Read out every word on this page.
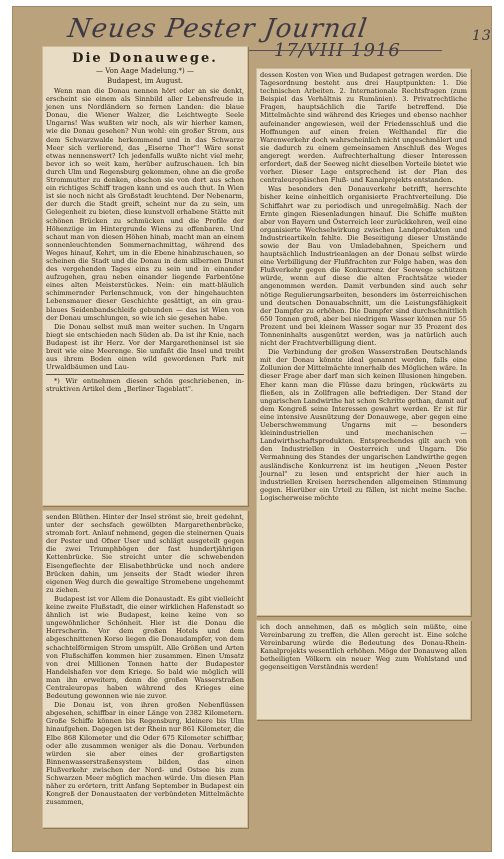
Neues Pester Journal
17/VIII 1916
13
Die Donauwege.
— Von Aage Madelung.*) —
Budapest, im August.

Wenn man die Donau nennen hört oder an sie denkt, erscheint sie einem als Sinnbild aller Lebensfreude in jenen uns Nordländern so fernen Landen: die blaue Donau, die Wiener Walzer, die Leichtwegte Seele Ungarns! Was wußten wir noch, als wir hierher kamen, wie die Donau gesehen? Nun wohl: ein großer Strom, aus dem Schwarzwalde herkommend und in das Schwarze Meer sich verlierend, das „Eiserne Thor"! Wäre sonst etwas nennenswert? Ich jedenfalls wußte nicht viel mehr, bevor ich so weit kam, herüber aufzuschauen. Ich bin durch Ulm und Regensburg gekommen, ohne an die große Strommutter zu denken, obschon sie von dort aus schon ein richtiges Schiff tragen kann und es auch thut. In Wien ist sie noch nicht als Großstadt leuchtend. Der Nebenarm, der durch die Stadt greift, scheint nur da zu sein, um Gelegenheit zu bieten, diese kunstvoll erhabene Stätte mit schönen Brücken zu schmücken und die Profile der Höhenzüge im Hintergrunde Wiens zu offenbaren. Und schaut man von diesen Höhen hinab, macht man an einem sonnenleuchtenden Sommernachmittag, während des Weges hinauf, Kehrt, um in die Ebene hinabzuschauen, so scheinen die Stadt und die Donau in dem silbernen Dunst des vergehenden Tages eins zu sein und in einander aufzugehen, grau neben einander liegende Farbentöne eines alten Meisterstückes. Nein: ein matt-bläulich schimmernder Perlenschmuck, von der hingehauchten Lebensmauer dieser Geschichte gesättigt, an ein grau-blaues Seidenbandschleife gebunden — das ist Wien von der Donau umschlungen, so wie ich sie gesehen habe.

Die Donau selbst muß man weiter suchen. In Ungarn biegt sie entschieden nach Süden ab. Da ist ihr Knie, nach Budapest ist ihr Herz. Vor der Margaretheninsel ist sie breit wie eine Meerenge. Sie umfaßt die Insel und treibt aus ihrem Boden einen wild gewordenen Park mit Urwaldbäumen und Lau-

*) Wir entnehmen diesen schön geschriebenen, instruktiven Artikel dem „Berliner Tageblatt".

senden Blüthen. Hinter der Insel strömt sie, breit gedehnt, unter der sechsfach gewölbten Margarethenbrücke, stromab fort. Anlauf nehmend, gegen die steinernen Quais der Pester und Ofner User und schlägt ausgeteilt gegen die zwei Triumphbögen der fast hundertjährigen Kettenbrücke. Sie streicht unter die schwebenden Eisengeflechte der Elisabethbrücke und noch andere Brücken dahin, um jenseits der Stadt wieder ihren eigenen Weg durch die gewaltige Stromebene ungehemmt zu ziehen.

Budapest ist vor Allem die Donaustadt. Es gibt vielleicht keine zweite Flußstadt, die einer wirklichen Hafenstadt so ähnlich ist wie Budapest, keine keine von so ungewöhnlicher Schönheit. Hier ist die Donau die Herrscherin. Vor dem großen Hotels und dem abgeschnittenen Korso liegen die Donaudampfer, von dem schachtelförmigen Strom umspült. Alle Größen und Arten von Flußschiffen kommen hier zusammen. Einen Umsatz von drei Millionen Tonnen hatte der Budapester Handelshafen vor dem Kriege. So bald wie möglich will man ihn erweitern, denn die großen Wasserstraßen Centraleuropas haben während des Krieges eine Bedeutung gewonnen wie nie zuvor.

Die Donau ist, von ihren großen Nebenflüssen abgesehen, schiffbar in einer Länge von 2382 Kilometern. Große Schiffe können bis Regensburg, kleinere bis Ulm hinaufgehen. Dagegen ist der Rhein nur 861 Kilometer, die Elbe 868 Kilometer und die Oder 675 Kilometer schiffbar, oder alle zusammen weniger als die Donau. Verbunden würden sie aber eines der großartigsten Binnenwasserstraßensystem bilden, das einen Flußverkehr zwischen der Nord- und Ostsee bis zum Schwarzen Meer möglich machen würde. Um diesen Plan näher zu erörtern, tritt Anfang September in Budapest ein Kongreß der Donaustaaten der verbündeten Mittelmächte zusammen,

dessen Kosten von Wien und Budapest getragen werden. Die Tagesordnung besteht aus drei Hauptpunkten: 1. Die technischen Arbeiten. 2. Internationale Rechtsfragen (zum Beispiel das Verhältnis zu Rumänien). 3. Privatrechtliche Fragen, hauptsächlich die Tarife betreffend. Die Mittelmächte sind während des Krieges und ebenso nachher aufeinander angewiesen, weil der Friedensschluß und die Hoffnungen auf einen freien Welthandel für die Warenwerkehr doch wahrscheinlich nicht ungeschmälert und sie dadurch zu einem gemeinsamen Anschluß des Weges angeregt werden. Aufrechterhaltung dieser Interessen erfordert, daß der Seeweg nicht dieselben Vorteile bietet wie vorher. Dieser Lage entsprechend ist der Plan des centraleuropäischen Fluß- und Kanalprojekts entstanden.

Was besonders den Donauverkehr betrifft, herrschte bisher keine einheitlich organisierte Frachtverteilung. Die Schiffahrt war zu periodisch und unregelmäßig. Nach der Ernte gingen Riesenladungen hinauf. Die Schiffe mußten aber von Bayern und Österreich leer zurückkehren, weil eine organisierte Wechselwirkung zwischen Landprodukten und Industrieartikeln fehlte. Die Beseitigung dieser Umstände sowie der Bau von Umladebahnen, Speichern und hauptsächlich Industrieanlagen an der Donau selbst würde eine Verbilligung der Flußfrachten zur Folge haben, was den Flußverkehr gegen die Konkurrenz der Seewege schützen würde, wenn auf diese die alten Frachtsätze wieder angenommen werden. Damit verbunden sind auch sehr nötige Regulierungsarbeiten, besonders im österreichischen und deutschen Donauabschnitt, um die Leistungsfähigkeit der Dampfer zu erhöhen. Die Dampfer sind durchschnittlich 650 Tonnen groß, aber bei niedrigem Wasser können nur 55 Prozent und bei kleinem Wasser sogar nur 35 Prozent des Tonneninhalts ausgenützt werden, was ja natürlich auch nicht der Frachtverbilligung dient.

Die Verbindung der großen Wasserstraßen Deutschlands mit der Donau könnte ideal genannt werden, falls eine Zollunion der Mittelmächte innerhalb des Möglichen wäre. In dieser Frage aber darf man sich keinen Illusionen hingeben. Eher kann man die Flüsse dazu bringen, rückwärts zu fließen, als in Zollfragen alle befriedigen. Der Stand der ungarischen Landwirthe hat schon Schritte gethan, damit auf dem Kongreß seine Interessen gewahrt werden. Er ist für eine intensive Ausnützung der Donauwege, aber gegen eine Ueberschwemmung Ungarns mit — besonders kleinindustriellen und mechanischen — Landwirthschaftsprodukten. Entsprechendes gilt auch von den Industriellen in Oesterreich und Ungarn. Die Vermahnung des Standes der ungarischen Landwirthe gegen ausländische Konkurrenz ist im heutigen „Neuen Pester Journal" zu lesen und entspricht der hier auch in industriellen Kreisen herrschenden allgemeinen Stimmung gegen. Hierüber ein Urteil zu fällen, ist nicht meine Sache. Logischerweise möchte

ich doch annehmen, daß es möglich sein müßte, eine Vereinbarung zu treffen, die Allen gerecht ist. Eine solche Vereinbarung würde die Bedeutung des Donau-Rhein-Kanalprojekts wesentlich erhöhen. Möge der Donauweg allen betheiligten Völkern ein neuer Weg zum Wohlstand und gegenseitigen Verständnis werden!
